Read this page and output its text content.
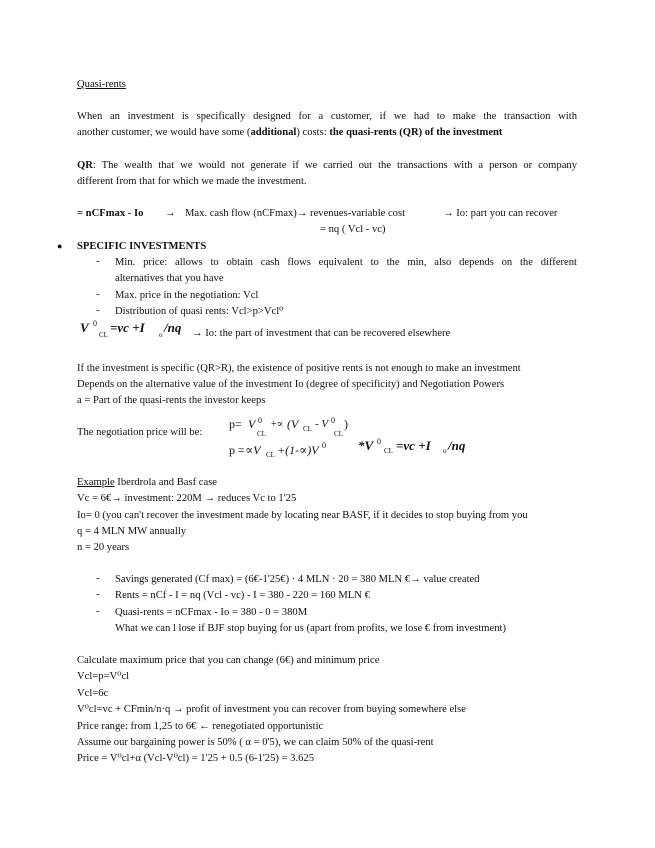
Quasi-rents
When an investment is specifically designed for a customer, if we had to make the transaction with
another customer, we would have some (additional) costs: the quasi-rents (QR) of the investment
QR: The wealth that we would not generate if we carried out the transactions with a person or company
different from that for which we made the investment.
= nCFmax - Io → Max. cash flow (nCFmax)→ revenues-variable cost	→ Io: part you can recover
= nq ( Vcl - vc)
● SPECIFIC INVESTMENTS
- Min. price: allows to obtain cash flows equivalent to the min, also depends on the different
alternatives that you have
- Max. price in the negotiation: Vcl
- Distribution of quasi rents: Vcl>p>Vcl⁰
V 0
CL =vc +I o /nq → Io: the part of investment that can be recovered elsewhere
If the investment is specific (QR>R), the existence of positive rents is not enough to make an investment
Depends on the alternative value of the investment Io (degree of specificity) and Negotiation Powers
a = Part of the quasi-rents the investor keeps
The negotiation price will be:
p= V 0
CL
+∝ (V CL - V 0
CL
)
p =∝V CL +(1-∝)V 0 *V 0
CL =vc +I o /nq
Example Iberdrola and Basf case
Vc = 6€→ investment: 220M → reduces Vc to 1'25
Io= 0 (you can't recover the investment made by locating near BASF, if it decides to stop buying from you
q = 4 MLN MW annually
n = 20 years
- Savings generated (Cf max) = (6€-1'25€) · 4 MLN · 20 = 380 MLN €→ value created
- Rents = nCf - I = nq (Vcl - vc) - I = 380 - 220 = 160 MLN €
- Quasi-rents = nCFmax - Io = 380 - 0 = 380M
What we can l lose if BJF stop buying for us (apart from profits, we lose € from investment)
Calculate maximum price that you can change (6€) and minimum price
Vcl=p=V⁰cl
Vcl=6c
V⁰cl=vc + CFmin/n·q → profit of investment you can recover from buying somewhere else
Price range: from 1,25 to 6€ ← renegotiated opportunistic
Assume our bargaining power is 50% ( α = 0'5), we can claim 50% of the quasi-rent
Price = V⁰cl+α (Vcl-V⁰cl) = 1'25 + 0.5 (6-1'25) = 3.625
